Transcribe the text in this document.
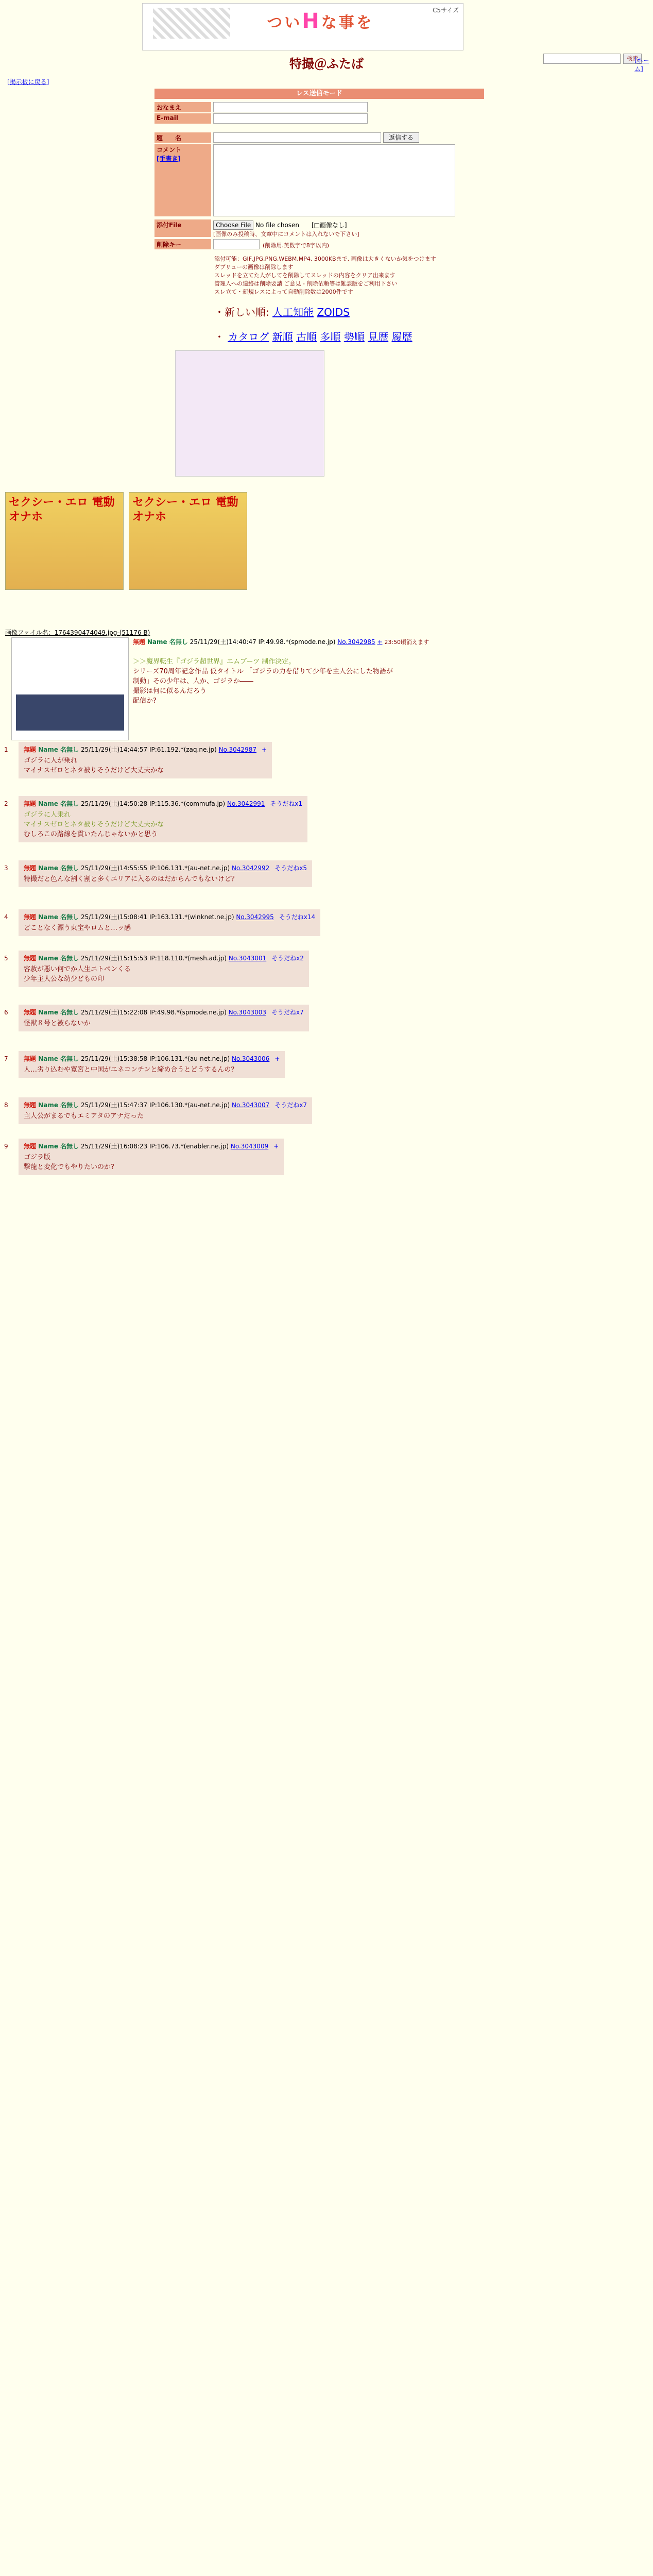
ついHな事を
C5サイズ
特撮＠ふたば	検索
[ホーム]
[掲示板に戻る]
レス送信モード
おなまえ
E-mail
題　　名	返信する
コメント
[手書き]
添付File	Choose File No file chosen [□画像なし]
[画像のみ投稿時、文章中にコメントは入れないで下さい]
削除キー	(削除用.英数字で8字以内)
添付可能：GIF,JPG,PNG,WEBM,MP4. 3000KBまで. 画像は大きくないか気をつけます
ダブリューの画像は削除します
スレッドを立てた人がしてを削除してスレッドの内容をクリア出来ます
管理人への連絡は削除要請 ご意見 - 削除依頼等は雑談版をご利用下さい
スレ立て・新規レスによって自動削除数は2000件です
・新しい順: 人工知能 ZOIDS
・ カタログ 新順 古順 多順 勢順 見歴 履歴
セクシー・エロ 電動オナホ
セクシー・エロ 電動オナホ
画像ファイル名：1764390474049.jpg-(51176 B)
無題 Name 名無し 25/11/29(土)14:40:47 IP:49.98.*(spmode.ne.jp) No.3042985 + 23:50頃消えます
＞＞魔界転生『ゴジラ超世界』エムブーツ 制作決定。
シリーズ70周年記念作品 仮タイトル 「ゴジラの力を借りて少年を主人公にした物語が
制動」その少年は、人か、ゴジラか――
撮影は何に似るんだろう
配信か?
1	無題 Name 名無し 25/11/29(土)14:44:57 IP:61.192.*(zaq.ne.jp) No.3042987 +
ゴジラに人が乗れ
マイナスゼロとネタ被りそうだけど大丈夫かな
2	無題 Name 名無し 25/11/29(土)14:50:28 IP:115.36.*(commufa.jp) No.3042991 そうだねx1
ゴジラに人乗れ
マイナスゼロとネタ被りそうだけど大丈夫かな
むしろこの路線を貫いたんじゃないかと思う
3	無題 Name 名無し 25/11/29(土)14:55:55 IP:106.131.*(au-net.ne.jp) No.3042992 そうだねx5
特撮だと色んな割く割と多くエリアに入るのはだからんでもないけど？
4	無題 Name 名無し 25/11/29(土)15:08:41 IP:163.131.*(winknet.ne.jp) No.3042995 そうだねx14
どことなく漂う東宝やロムと…ッ感
5	無題 Name 名無し 25/11/29(土)15:15:53 IP:118.110.*(mesh.ad.jp) No.3043001 そうだねx2
容赦が悪い何でか人生エトペンくる
少年主人公な幼少どもの印
6	無題 Name 名無し 25/11/29(土)15:22:08 IP:49.98.*(spmode.ne.jp) No.3043003 そうだねx7
怪獣８号と被らないか
7	無題 Name 名無し 25/11/29(土)15:38:58 IP:106.131.*(au-net.ne.jp) No.3043006 +
人…劣り込むや寛宮と中国がエネコンチンと締め合うとどうするんの？
8	無題 Name 名無し 25/11/29(土)15:47:37 IP:106.130.*(au-net.ne.jp) No.3043007 そうだねx7
主人公がまるでもエミアタのアナだった
9	無題 Name 名無し 25/11/29(土)16:08:23 IP:106.73.*(enabler.ne.jp) No.3043009 +
ゴジラ版
撃龍と変化でもやりたいのか?
